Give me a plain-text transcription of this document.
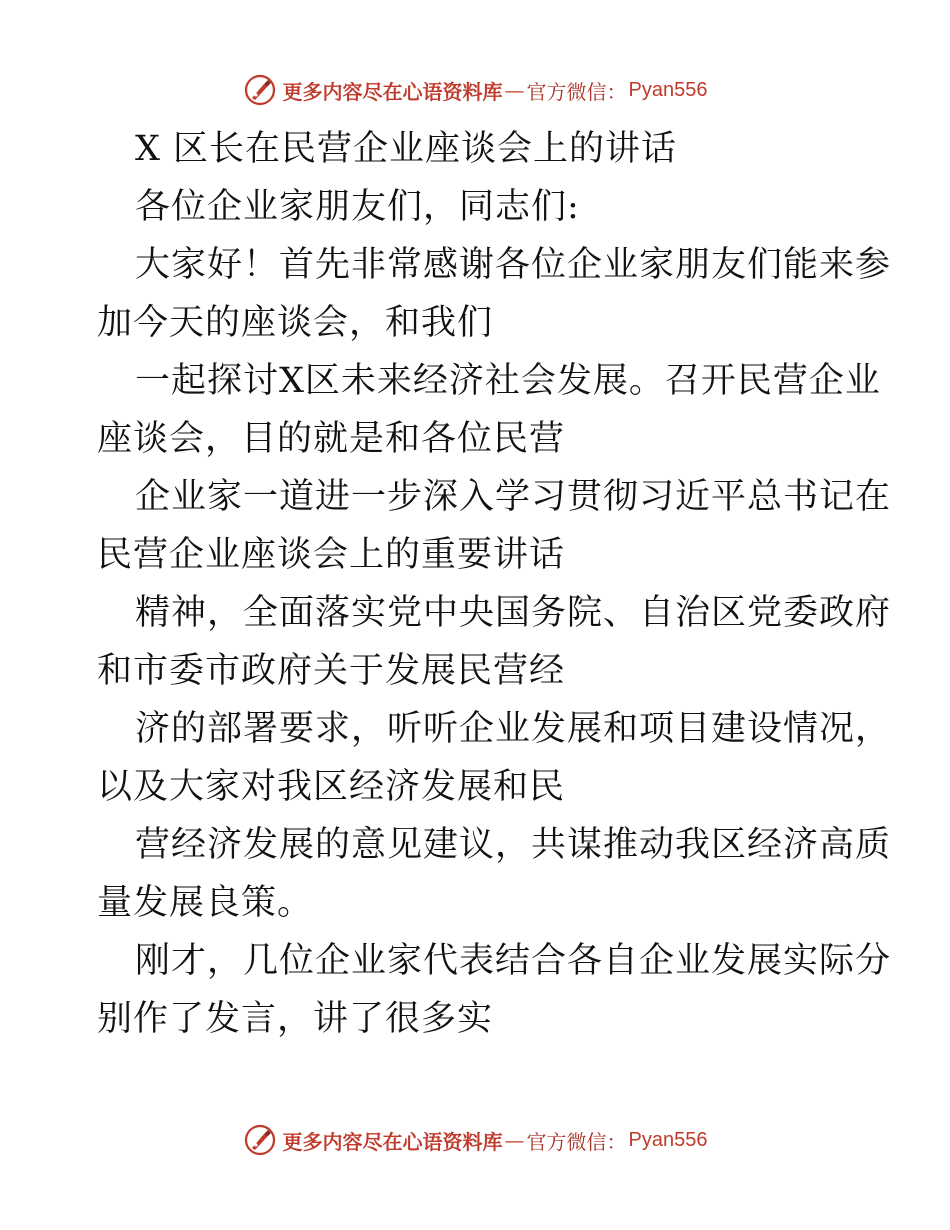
更多内容尽在心语资料库 — 官方微信： Pyan556
X 区长在民营企业座谈会上的讲话
各位企业家朋友们，同志们:
大家好！首先非常感谢各位企业家朋友们能来参
加今天的座谈会，和我们
一起探讨X区未来经济社会发展。召开民营企业
座谈会，目的就是和各位民营
企业家一道进一步深入学习贯彻习近平总书记在
民营企业座谈会上的重要讲话
精神，全面落实党中央国务院、自治区党委政府
和市委市政府关于发展民营经
济的部署要求，听听企业发展和项目建设情况，
以及大家对我区经济发展和民
营经济发展的意见建议，共谋推动我区经济高质
量发展良策。
刚才，几位企业家代表结合各自企业发展实际分
别作了发言，讲了很多实
更多内容尽在心语资料库 — 官方微信： Pyan556
